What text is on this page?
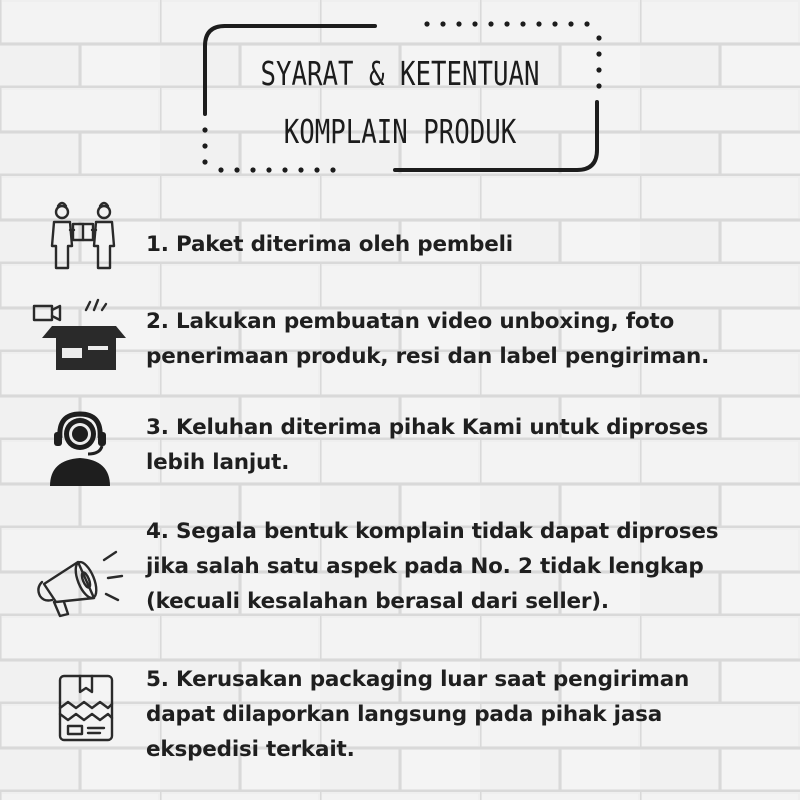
SYARAT & KETENTUAN
KOMPLAIN PRODUK
1. Paket diterima oleh pembeli
2. Lakukan pembuatan video unboxing, foto
penerimaan produk, resi dan label pengiriman.
3. Keluhan diterima pihak Kami untuk diproses
lebih lanjut.
4. Segala bentuk komplain tidak dapat diproses
jika salah satu aspek pada No. 2 tidak lengkap
(kecuali kesalahan berasal dari seller).
5. Kerusakan packaging luar saat pengiriman
dapat dilaporkan langsung pada pihak jasa
ekspedisi terkait.
